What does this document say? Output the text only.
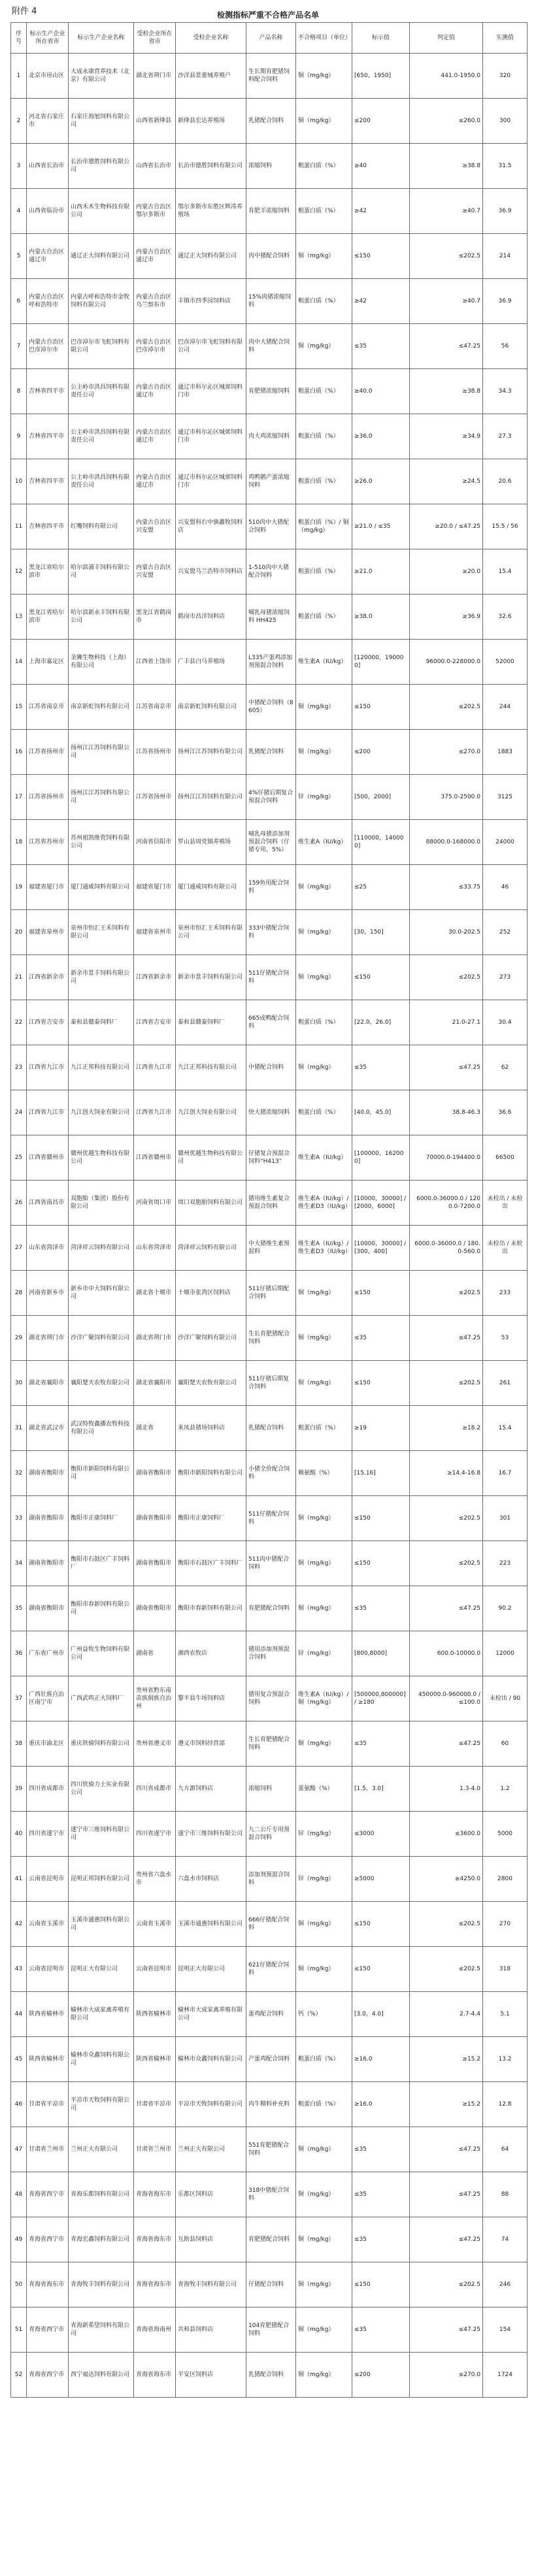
附件 4	检测指标严重不合格产品名单
序号	标示生产企业所在省市	标示生产企业名称	受检企业所在省市	受检企业名称	产品名称	不合格项目（单位）	标示值	判定值	实测值
1	北京市房山区	大成永康营养技术（北京）有限公司	湖北省荆门市	沙洋县景蕾城养殖户	生长期育肥猪饲料配合饲料	铜（mg/kg）	[650，1950]	441.0-1950.0	320
2	河北省石家庄市	石家庄海旭饲料有限公司	山西省新绛县	新绛县宏达养殖场	乳猪配合饲料	铜（mg/kg）	≤200	≤260.0	300
3	山西省长治市	长治市德胜饲料有限公司	山西省长治市	长治市德胜饲料有限公司	浓缩饲料	粗蛋白质（%）	≥40	≥38.8	31.5
4	山西省临汾市	山西禾木生物科技有限公司	内蒙古自治区鄂尔多斯市	鄂尔多斯市东胜区辉涛养殖场	育肥羊浓缩饲料	粗蛋白质（%）	≥42	≥40.7	36.9
5	内蒙古自治区通辽市	通辽正大饲料有限公司	内蒙古自治区通辽市	通辽正大饲料有限公司	肉中猪配合饲料	铜（mg/kg）	≤150	≤202.5	214
6	内蒙古自治区呼和浩特市	内蒙古呼和浩特市金牧饲料有限公司	内蒙古自治区乌兰察布市	丰镇市四季园饲料店	15%肉猪浓缩饲料	粗蛋白质（%）	≥42	≥40.7	36.9
7	内蒙古自治区巴彦淖尔市	巴彦淖尔市飞虹饲料有限公司	内蒙古自治区巴彦淖尔市	巴彦淖尔市飞虹饲料有限公司	肉中大猪配合饲料	铜（mg/kg）	≤35	≤47.25	56
8	吉林省四平市	公主岭市洪昌饲料有限责任公司	内蒙古自治区通辽市	通辽市科尔沁区城郊饲料门市	育肥猪浓缩饲料	粗蛋白质（%）	≥40.0	≥38.8	34.3
9	吉林省四平市	公主岭市洪昌饲料有限责任公司	内蒙古自治区通辽市	通辽市科尔沁区城郊饲料门市	肉大鸡浓缩饲料	粗蛋白质（%）	≥36.0	≥34.9	27.3
10	吉林省四平市	公主岭市洪昌饲料有限责任公司	内蒙古自治区通辽市	通辽市科尔沁区城郊饲料门市	鸡鸭鹅产蛋浓缩饲料	粗蛋白质（%）	≥26.0	≥24.5	20.6
11	吉林省四平市	红嘴饲料有限公司	内蒙古自治区兴安盟	兴安盟科右中旗鑫牧饲料店	510肉中大猪配合饲料	粗蛋白质（%）/ 铜（mg/kg）	≥21.0 / ≤35	≥20.0 / ≤47.25	15.5 / 56
12	黑龙江省哈尔滨市	哈尔滨浦丰饲料有限公司	内蒙古自治区兴安盟	兴安盟乌兰浩特市饲料店	1-510肉中大猪配合饲料	粗蛋白质（%）	≥21.0	≥20.0	15.4
13	黑龙江省哈尔滨市	哈尔滨新永丰饲料有限公司	黑龙江省鹤岗市	鹤岗市昌洋饲料店	哺乳母猪浓缩饲料 HH425	粗蛋白质（%）	≥38.0	≥36.9	32.6
14	上海市嘉定区	金狮生物科技（上海）有限公司	江西省上饶市	广丰县白马养殖场	L335产蛋鸡添加剂预混合饲料	维生素A（IU/kg）	[120000，190000]	96000.0-228000.0	52000
15	江苏省南京市	南京新虹饲料有限公司	江苏省南京市	南京新虹饲料有限公司	中猪配合饲料（8605）	铜（mg/kg）	≤150	≤202.5	244
16	江苏省扬州市	扬州江江苏饲料有限公司	江苏省扬州市	扬州江江苏饲料有限公司	乳猪配合饲料	铜（mg/kg）	≤200	≤270.0	1883
17	江苏省扬州市	扬州江江苏饲料有限公司	江苏省扬州市	扬州江江苏饲料有限公司	4%仔猪后期复合预混合饲料	锌（mg/kg）	[500，2000]	375.0-2500.0	3125
18	江苏省苏州市	苏州祖凯维瓷饲料有限公司	河南省信阳市	罗山县周党镇养殖场	哺乳母猪添加剂预混合饲料（仔猪专用，5%）	维生素A（IU/kg）	[110000，140000]	88000.0-168000.0	24000
19	福建省厦门市	厦门通威饲料有限公司	福建省厦门市	厦门通威饲料有限公司	159鱼用配合饲料	铜（mg/kg）	≤25	≤33.75	46
20	福建省泉州市	泉州市恒汇王禾饲料有限公司	福建省泉州市	泉州市恒汇王禾饲料有限公司	333中猪配合饲料	铜（mg/kg）	[30，150]	30.0-202.5	252
21	江西省新余市	新余市景丰饲料有限公司	江西省新余市	新余市景丰饲料有限公司	511仔猪配合饲料	铜（mg/kg）	≤150	≤202.5	273
22	江西省吉安市	泰和县赣泰饲料厂	江西省吉安市	泰和县赣泰饲料厂	665成鸭配合饲料	粗蛋白质（%）	[22.0，26.0]	21.0-27.1	30.4
23	江西省九江市	九江正邦科技有限公司	江西省九江市	九江正邦科技有限公司	中猪配合饲料	铜（mg/kg）	≤35	≤47.25	62
24	江西省九江市	九江创大饲业有限公司	江西省九江市	九江创大饲业有限公司	快大猪浓缩饲料	粗蛋白质（%）	[40.0，45.0]	38.8-46.3	36.6
25	江西省赣州市	赣州优越生物科技有限公司	江西省赣州市	赣州优越生物科技有限公司	仔猪复合预混合饲料“H413”	维生素A（IU/kg）	[100000，162000]	70000.0-194400.0	66500
26	江西省南昌市	双胞胎（集团）股份有限公司	河南省周口市	周口双胞胎饲料有限公司	猪用维生素复合预混合饲料	维生素A（IU/kg）/ 维生素D3（IU/kg）	[10000，30000] / [2000，6000]	6000.0-36000.0 / 1200.0-7200.0	未检出 / 未检出
27	山东省菏泽市	菏泽祥云饲料有限公司	山东省菏泽市	菏泽祥云饲料有限公司	中大猪维生素预混料	维生素A（IU/kg）/ 维生素D3（IU/kg）	[10000，30000] / [300，400]	6000.0-36000.0 / 180.0-560.0	未检出 / 未检出
28	河南省新乡市	新乡市中大饲料有限公司	湖北省十堰市	十堰市张湾区饲料店	511仔猪后期配合饲料	铜（mg/kg）	≤150	≤202.5	233
29	湖北省荆门市	沙洋广聚饲料有限公司	湖北省荆门市	沙洋广聚饲料有限公司	生长育肥猪配合饲料	铜（mg/kg）	≤35	≤47.25	53
30	湖北省襄阳市	襄阳楚天农牧有限公司	湖北省襄阳市	襄阳楚天农牧有限公司	511仔猪后期复合饲料	铜（mg/kg）	≤150	≤202.5	261
31	湖北省武汉市	武汉特牧鑫播农牧科技有限公司	湖北省	来凤县猪场饲料店	乳猪配合饲料	粗蛋白质（%）	≥19	≥18.2	15.4
32	湖南省衡阳市	衡阳市新阳饲料有限公司	湖南省衡阳市	衡阳市新阳饲料有限公司	小猪全价配合饲料	赖氨酸（%）	[15.16]	≥14.4-16.8	16.7
33	湖南省衡阳市	衡阳市正康饲料厂	湖南省衡阳市	衡阳市正康饲料厂	511仔猪配合饲料	铜（mg/kg）	≤150	≤202.5	301
34	湖南省衡阳市	衡阳市石鼓区广丰饲料厂	湖南省衡阳市	衡阳市石鼓区广丰饲料厂	511肉中猪配合饲料	铜（mg/kg）	≤150	≤202.5	223
35	湖南省衡阳市	衡阳市春新饲料有限公司	湖南省衡阳市	衡阳市春新饲料有限公司	育肥猪配合饲料	铜（mg/kg）	≤35	≤47.25	90.2
36	广东省广州市	广州益牧生物饲料有限公司	湖南省	湘西农牧店	猪用添加剂预混合饲料	锌（mg/kg）	[800,8000]	600.0-10000.0	12000
37	广西壮族自治区南宁市	广西武鸣正大饲料厂	贵州省黔东南苗族侗族自治州	黎平县牛场饲料店	猪用复合预混合饲料	维生素A（IU/kg）/ 铜（mg/kg）	[500000,800000] / ≥180	450000.0-960000.0 / ≤100.0	未检出 / 90
38	重庆市渝北区	重庆铁骑饲料有限公司	贵州省遵义市	遵义市饲料经营部	生长育肥猪配合饲料	铜（mg/kg）	≤35	≤47.25	60
39	四川省成都市	四川铁骑力士实业有限公司	四川省成都市	九方源饲料店	浓缩饲料	蛋氨酸（%）	[1.5，3.0]	1.3-4.0	1.2
40	四川省遂宁市	遂宁市三维饲料有限公司	四川省遂宁市	遂宁市三维饲料有限公司	九二公斤专用预混合饲料	锌（mg/kg）	≤3000	≤3600.0	5000
41	云南省昆明市	昆明正邦饲料有限公司	贵州省六盘水市	六盘水市饲料店	添加剂预混合饲料	锌（mg/kg）	≥5000	≥4250.0	2800
42	云南省玉溪市	玉溪市通惠饲料有限公司	云南省玉溪市	玉溪市通惠饲料有限公司	666仔猪配合饲料	铜（mg/kg）	≤150	≤202.5	270
43	云南省昆明市	昆明正大有限公司	云南省昆明市	昆明正大有限公司	621仔猪配合饲料	铜（mg/kg）	≤150	≤202.5	318
44	陕西省榆林市	榆林市大成家禽养殖有限公司	陕西省榆林市	榆林市大成家禽养殖有限公司	蛋鸡配合饲料	钙（%）	[3.0，4.0]	2.7-4.4	5.1
45	陕西省榆林市	榆林市众鑫饲料有限公司	陕西省榆林市	榆林市众鑫饲料有限公司	产蛋鸡配合饲料	粗蛋白质（%）	≥16.0	≥15.2	13.2
46	甘肃省平凉市	平凉市天牧饲料有限公司	甘肃省平凉市	平凉市天牧饲料有限公司	肉牛精料补充料	粗蛋白质（%）	≥16.0	≥15.2	12.8
47	甘肃省兰州市	兰州正大有限公司	甘肃省兰州市	兰州正大有限公司	551育肥猪配合饲料	铜（mg/kg）	≤35	≤47.25	64
48	青海省西宁市	青海乐都饲料有限公司	青海省海东市	乐都区饲料店	318中猪配合饲料	铜（mg/kg）	≤35	≤47.25	88
49	青海省西宁市	青海宏鑫饲料有限公司	青海省海东市	互助县饲料店	育肥猪配合饲料	铜（mg/kg）	≤35	≤47.25	74
50	青海省海东市	青海牧丰饲料有限公司	青海省海东市	青海牧丰饲料有限公司	仔猪配合饲料	铜（mg/kg）	≤150	≤202.5	246
51	青海省西宁市	青海新希望饲料有限公司	青海省海南州	共和县饲料店	104育肥猪配合饲料	铜（mg/kg）	≤35	≤47.25	154
52	青海省西宁市	西宁福达饲料有限公司	青海省海东市	平安区饲料店	乳猪配合饲料	铜（mg/kg）	≤200	≤270.0	1724
